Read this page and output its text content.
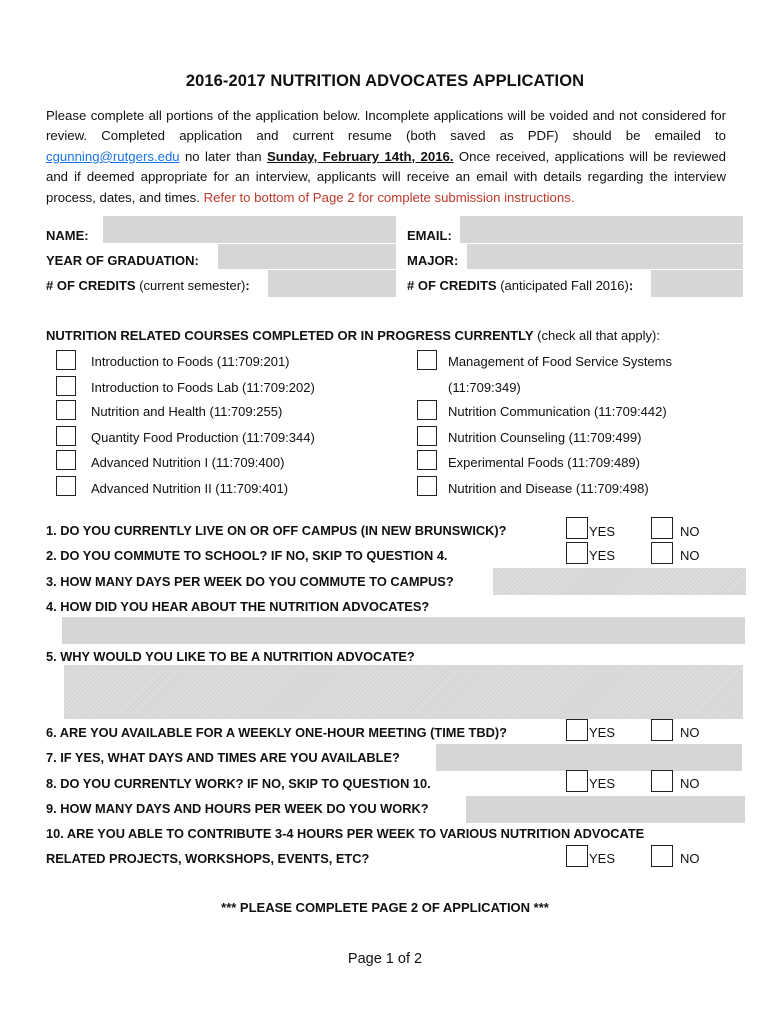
2016-2017 NUTRITION ADVOCATES APPLICATION
Please complete all portions of the application below. Incomplete applications will be voided and not considered for review. Completed application and current resume (both saved as PDF) should be emailed to cgunning@rutgers.edu no later than Sunday, February 14th, 2016. Once received, applications will be reviewed and if deemed appropriate for an interview, applicants will receive an email with details regarding the interview process, dates, and times. Refer to bottom of Page 2 for complete submission instructions.
NAME:	EMAIL:
YEAR OF GRADUATION:	MAJOR:
# OF CREDITS (current semester):	# OF CREDITS (anticipated Fall 2016):
NUTRITION RELATED COURSES COMPLETED OR IN PROGRESS CURRENTLY (check all that apply):
Introduction to Foods (11:709:201)
Introduction to Foods Lab (11:709:202)
Nutrition and Health (11:709:255)
Quantity Food Production (11:709:344)
Advanced Nutrition I (11:709:400)
Advanced Nutrition II (11:709:401)
Management of Food Service Systems
(11:709:349)
Nutrition Communication (11:709:442)
Nutrition Counseling (11:709:499)
Experimental Foods (11:709:489)
Nutrition and Disease (11:709:498)
1. DO YOU CURRENTLY LIVE ON OR OFF CAMPUS (IN NEW BRUNSWICK)?	YES	NO
2. DO YOU COMMUTE TO SCHOOL? IF NO, SKIP TO QUESTION 4.	YES	NO
3. HOW MANY DAYS PER WEEK DO YOU COMMUTE TO CAMPUS?
4. HOW DID YOU HEAR ABOUT THE NUTRITION ADVOCATES?
5. WHY WOULD YOU LIKE TO BE A NUTRITION ADVOCATE?
6. ARE YOU AVAILABLE FOR A WEEKLY ONE-HOUR MEETING (TIME TBD)?	YES	NO
7. IF YES, WHAT DAYS AND TIMES ARE YOU AVAILABLE?
8. DO YOU CURRENTLY WORK? IF NO, SKIP TO QUESTION 10.	YES	NO
9. HOW MANY DAYS AND HOURS PER WEEK DO YOU WORK?
10. ARE YOU ABLE TO CONTRIBUTE 3-4 HOURS PER WEEK TO VARIOUS NUTRITION ADVOCATE
RELATED PROJECTS, WORKSHOPS, EVENTS, ETC?	YES	NO
*** PLEASE COMPLETE PAGE 2 OF APPLICATION ***
Page 1 of 2
